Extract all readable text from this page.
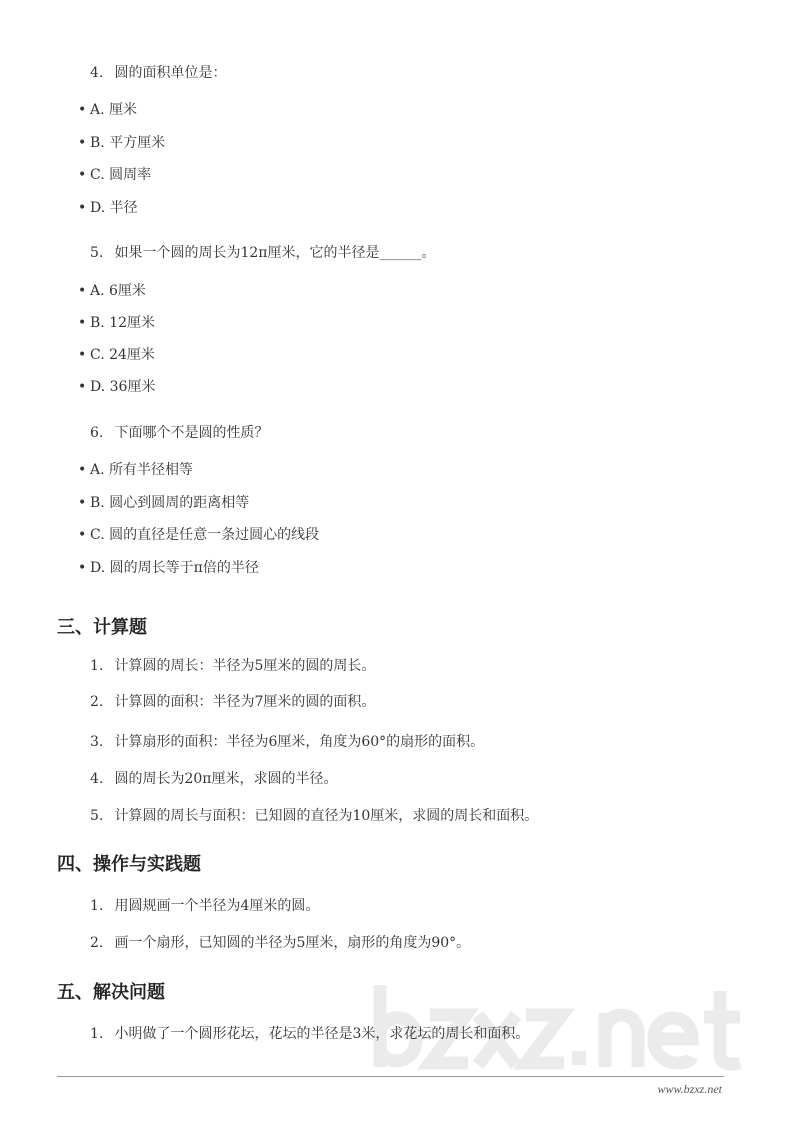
4. 圆的面积单位是：
• A. 厘米
• B. 平方厘米
• C. 圆周率
• D. 半径
5. 如果一个圆的周长为12π厘米，它的半径是______。
• A. 6厘米
• B. 12厘米
• C. 24厘米
• D. 36厘米
6. 下面哪个不是圆的性质？
• A. 所有半径相等
• B. 圆心到圆周的距离相等
• C. 圆的直径是任意一条过圆心的线段
• D. 圆的周长等于π倍的半径
三、计算题
1. 计算圆的周长：半径为5厘米的圆的周长。
2. 计算圆的面积：半径为7厘米的圆的面积。
3. 计算扇形的面积：半径为6厘米，角度为60°的扇形的面积。
4. 圆的周长为20π厘米，求圆的半径。
5. 计算圆的周长与面积：已知圆的直径为10厘米，求圆的周长和面积。
四、操作与实践题
1. 用圆规画一个半径为4厘米的圆。
2. 画一个扇形，已知圆的半径为5厘米，扇形的角度为90°。
五、解决问题
1. 小明做了一个圆形花坛，花坛的半径是3米，求花坛的周长和面积。
www.bzxz.net
